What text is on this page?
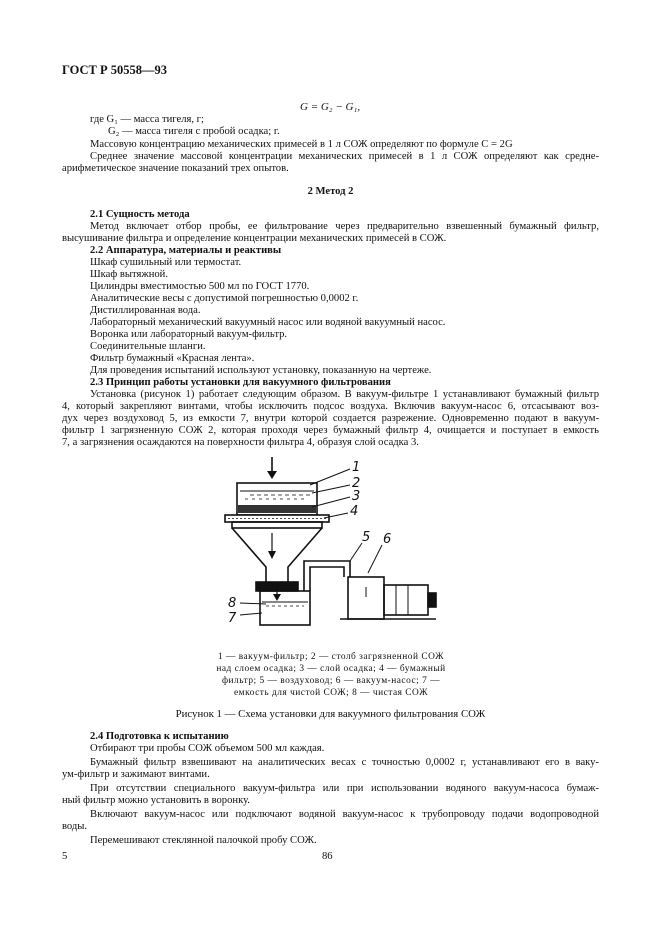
ГОСТ Р 50558—93
G = G₂ − G₁,
где G₁ — масса тигеля, г;
G₂ — масса тигеля с пробой осадка; г.
Массовую концентрацию механических примесей в 1 л СОЖ определяют по формуле C = 2G
Среднее значение массовой концентрации механических примесей в 1 л СОЖ определяют как средне-
арифметическое значение показаний трех опытов.
2 Метод 2
2.1 Сущность метода
Метод включает отбор пробы, ее фильтрование через предварительно взвешенный бумажный фильтр,
высушивание фильтра и определение концентрации механических примесей в СОЖ.
2.2 Аппаратура, материалы и реактивы
Шкаф сушильный или термостат.
Шкаф вытяжной.
Цилиндры вместимостью 500 мл по ГОСТ 1770.
Аналитические весы с допустимой погрешностью 0,0002 г.
Дистиллированная вода.
Лабораторный механический вакуумный насос или водяной вакуумный насос.
Воронка или лабораторный вакуум-фильтр.
Соединительные шланги.
Фильтр бумажный «Красная лента».
Для проведения испытаний используют установку, показанную на чертеже.
2.3 Принцип работы установки для вакуумного фильтрования
Установка (рисунок 1) работает следующим образом. В вакуум-фильтре 1 устанавливают бумажный фильтр
4, который закрепляют винтами, чтобы исключить подсос воздуха. Включив вакуум-насос 6, отсасывают воз-
дух через воздуховод 5, из емкости 7, внутри которой создается разрежение. Одновременно подают в вакуум-
фильтр 1 загрязненную СОЖ 2, которая проходя через бумажный фильтр 4, очищается и поступает в емкость
7, а загрязнения осаждаются на поверхности фильтра 4, образуя слой осадка 3.
1
2
3
4
5 6
7
8
1 — вакуум-фильтр; 2 — столб загрязненной СОЖ
над слоем осадка; 3 — слой осадка; 4 — бумажный
фильтр; 5 — воздуховод; 6 — вакуум-насос; 7 —
емкость для чистой СОЖ; 8 — чистая СОЖ
Рисунок 1 — Схема установки для вакуумного фильтрования СОЖ
2.4 Подготовка к испытанию
Отбирают три пробы СОЖ объемом 500 мл каждая.
Бумажный фильтр взвешивают на аналитических весах с точностью 0,0002 г, устанавливают его в ваку-
ум-фильтр и зажимают винтами.
При отсутствии специального вакуум-фильтра или при использовании водяного вакуум-насоса бумаж-
ный фильтр можно установить в воронку.
Включают вакуум-насос или подключают водяной вакуум-насос к трубопроводу подачи водопроводной
воды.
Перемешивают стеклянной палочкой пробу СОЖ.
5	86
